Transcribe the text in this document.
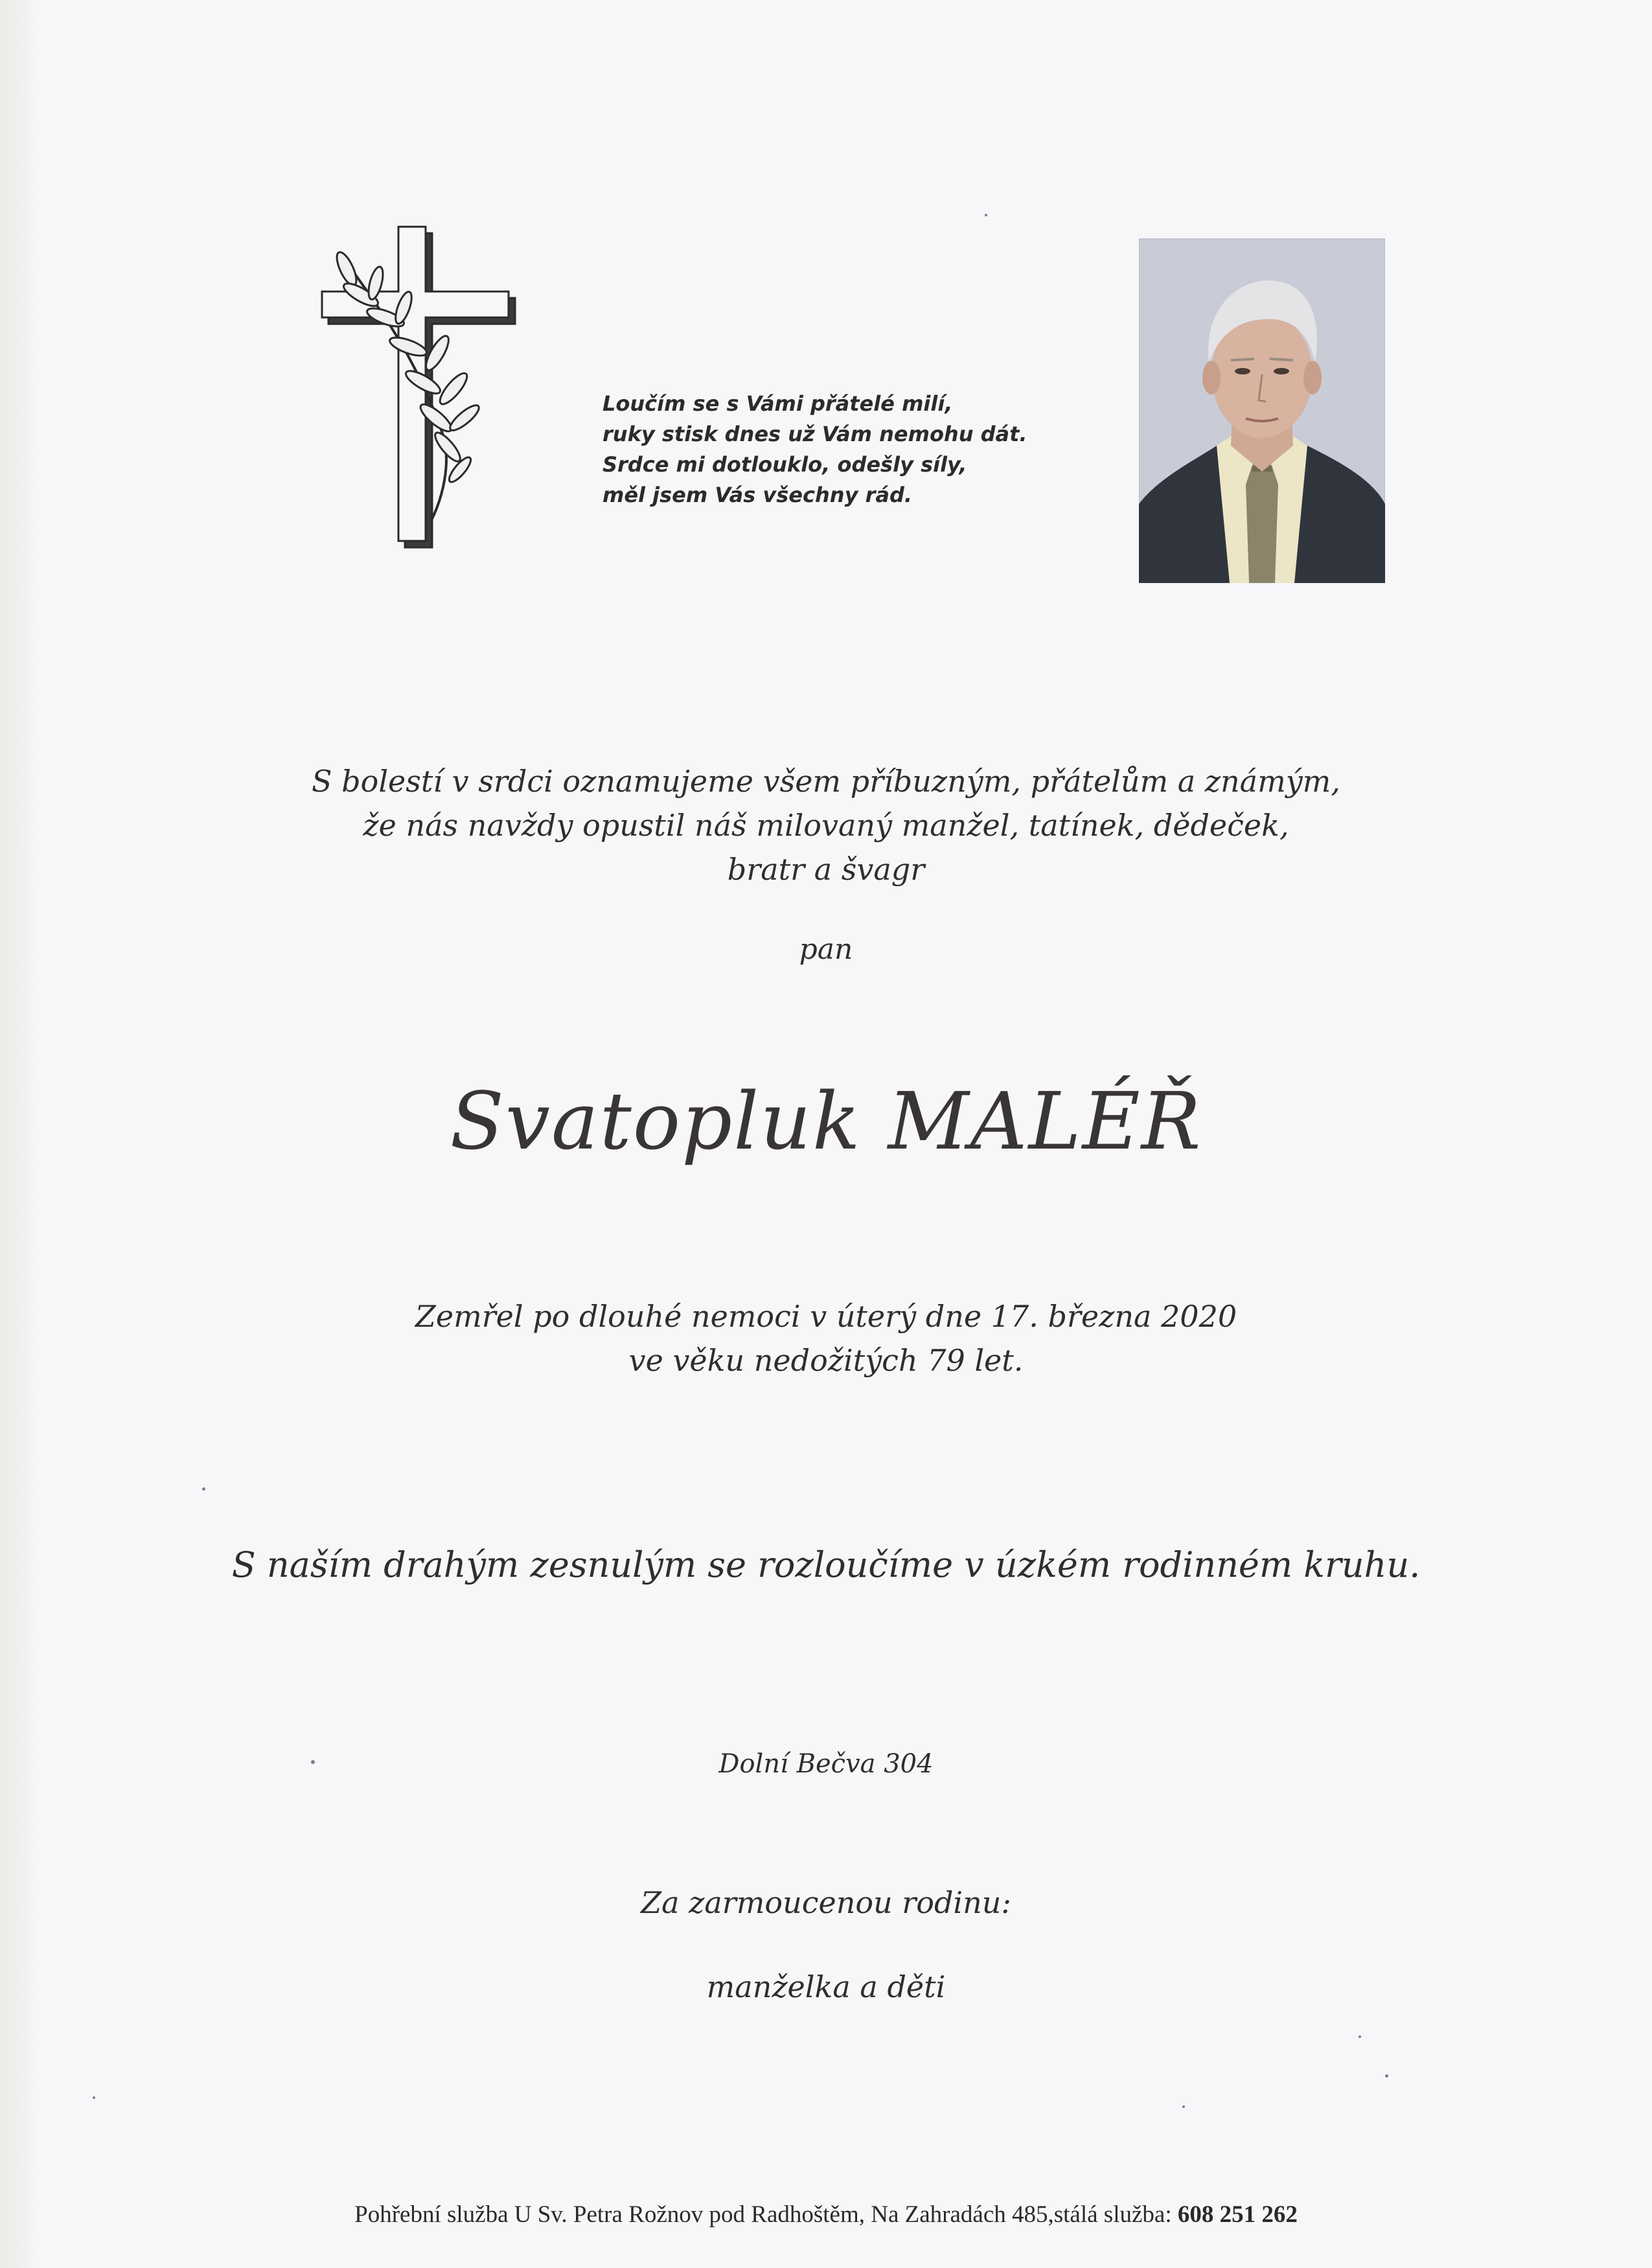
Loučím se s Vámi přátelé milí,
ruky stisk dnes už Vám nemohu dát.
Srdce mi dotlouklo, odešly síly,
měl jsem Vás všechny rád.
S bolestí v srdci oznamujeme všem příbuzným, přátelům a známým,
že nás navždy opustil náš milovaný manžel, tatínek, dědeček,
bratr a švagr
pan
Svatopluk MALÉŘ
Zemřel po dlouhé nemoci v úterý dne 17. března 2020
ve věku nedožitých 79 let.
S naším drahým zesnulým se rozloučíme v úzkém rodinném kruhu.
Dolní Bečva 304
Za zarmoucenou rodinu:
manželka a děti
Pohřební služba U Sv. Petra Rožnov pod Radhoštěm, Na Zahradách 485,stálá služba: 608 251 262
